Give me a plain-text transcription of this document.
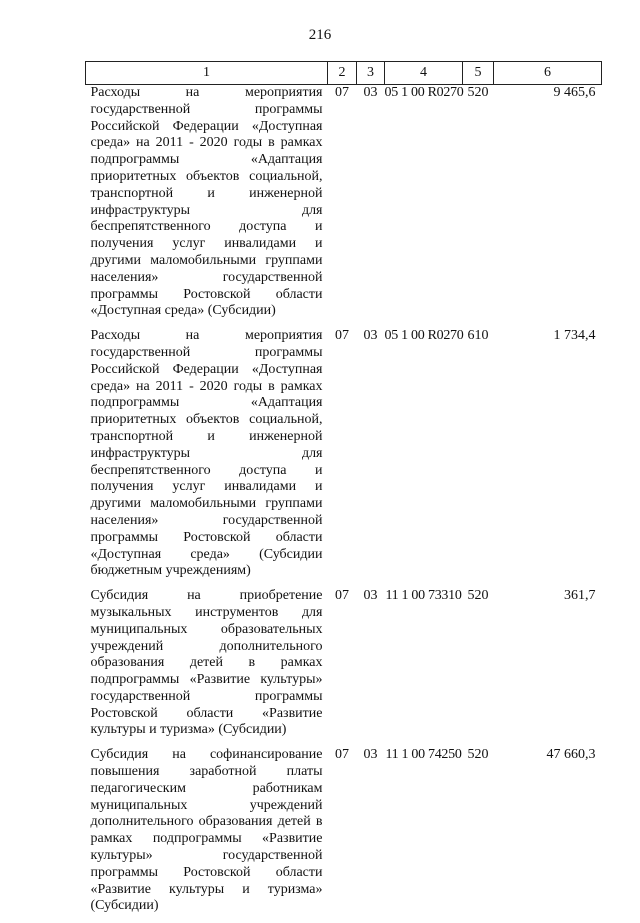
216
1	2	3	4	5	6
Расходы на мероприятия государственной программы Российской Федерации «Доступная среда» на 2011 - 2020 годы в рамках подпрограммы «Адаптация приоритетных объектов социальной, транспортной и инженерной инфраструктуры для беспрепятственного доступа и получения услуг инвалидами и другими маломобильными группами населения» государственной программы Ростовской области «Доступная среда» (Субсидии)	07	03	05 1 00 R0270	520	9 465,6
Расходы на мероприятия государственной программы Российской Федерации «Доступная среда» на 2011 - 2020 годы в рамках подпрограммы «Адаптация приоритетных объектов социальной, транспортной и инженерной инфраструктуры для беспрепятственного доступа и получения услуг инвалидами и другими маломобильными группами населения» государственной программы Ростовской области «Доступная среда» (Субсидии бюджетным учреждениям)	07	03	05 1 00 R0270	610	1 734,4
Субсидия на приобретение музыкальных инструментов для муниципальных образовательных учреждений дополнительного образования детей в рамках подпрограммы «Развитие культуры» государственной программы Ростовской области «Развитие культуры и туризма» (Субсидии)	07	03	11 1 00 73310	520	361,7
Субсидия на софинансирование повышения заработной платы педагогическим работникам муниципальных учреждений дополнительного образования детей в рамках подпрограммы «Развитие культуры» государственной программы Ростовской области «Развитие культуры и туризма» (Субсидии)	07	03	11 1 00 74250	520	47 660,3
